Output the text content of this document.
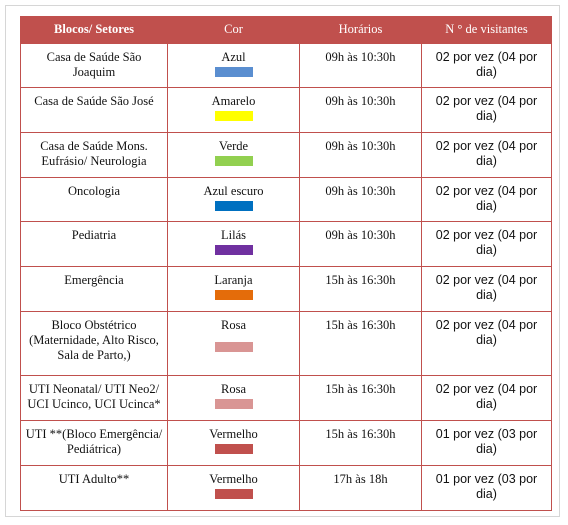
Blocos/ Setores	Cor	Horários	N ° de visitantes
Casa de Saúde São Joaquim	Azul	09h às 10:30h	02 por vez (04 por dia)
Casa de Saúde São José	Amarelo	09h às 10:30h	02 por vez (04 por dia)
Casa de Saúde Mons. Eufrásio/ Neurologia	Verde	09h às 10:30h	02 por vez (04 por dia)
Oncologia	Azul escuro	09h às 10:30h	02 por vez (04 por dia)
Pediatria	Lilás	09h às 10:30h	02 por vez (04 por dia)
Emergência	Laranja	15h às 16:30h	02 por vez (04 por dia)
Bloco Obstétrico (Maternidade, Alto Risco, Sala de Parto,)	Rosa	15h às 16:30h	02 por vez (04 por dia)
UTI Neonatal/ UTI Neo2/ UCI Ucinco, UCI Ucinca*	Rosa	15h às 16:30h	02 por vez (04 por dia)
UTI **(Bloco Emergência/ Pediátrica)	Vermelho	15h às 16:30h	01 por vez (03 por dia)
UTI Adulto**	Vermelho	17h às 18h	01 por vez (03 por dia)
